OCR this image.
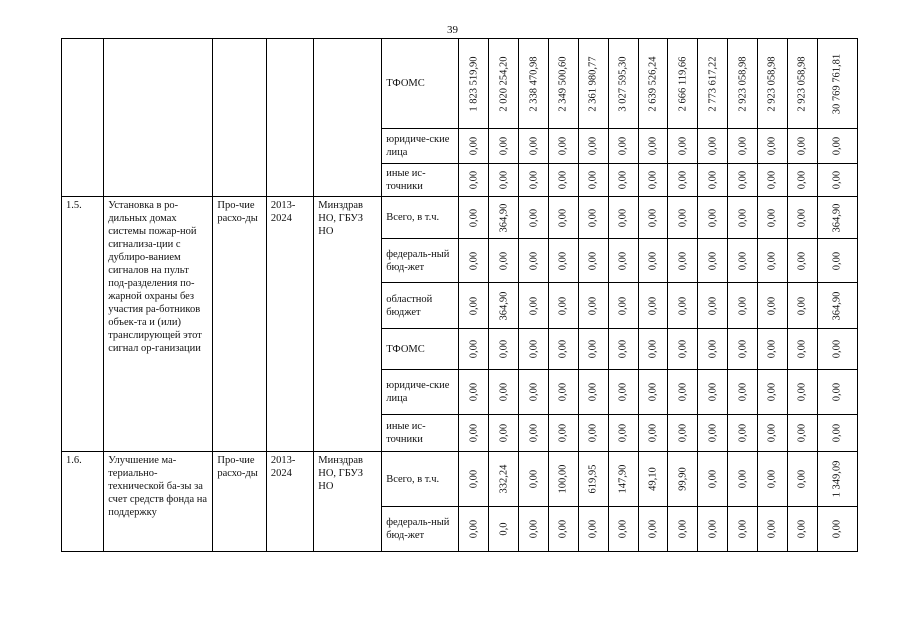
39
					ТФОМС	1 823 519,90	2 020 254,20	2 338 470,98	2 349 500,60	2 361 980,77	3 027 595,30	2 639 526,24	2 666 119,66	2 773 617,22	2 923 058,98	2 923 058,98	2 923 058,98	30 769 761,81

					юридиче-ские лица	0,00	0,00	0,00	0,00	0,00	0,00	0,00	0,00	0,00	0,00	0,00	0,00	0,00

					иные ис-точники	0,00	0,00	0,00	0,00	0,00	0,00	0,00	0,00	0,00	0,00	0,00	0,00	0,00

1.5.	Установка в ро-дильных домах системы пожар-ной сигнализа-ции с дублиро-ванием сигналов на пульт под-разделения по-жарной охраны без участия ра-ботников объек-та и (или) транслирующей этот сигнал ор-ганизации	Про-чие расхо-ды	2013-2024	Минздрав НО, ГБУЗ НО	Всего, в т.ч.	0,00	364,90	0,00	0,00	0,00	0,00	0,00	0,00	0,00	0,00	0,00	0,00	364,90

					федераль-ный бюд-жет	0,00	0,00	0,00	0,00	0,00	0,00	0,00	0,00	0,00	0,00	0,00	0,00	0,00

					областной бюджет	0,00	364,90	0,00	0,00	0,00	0,00	0,00	0,00	0,00	0,00	0,00	0,00	364,90

					ТФОМС	0,00	0,00	0,00	0,00	0,00	0,00	0,00	0,00	0,00	0,00	0,00	0,00	0,00

					юридиче-ские лица	0,00	0,00	0,00	0,00	0,00	0,00	0,00	0,00	0,00	0,00	0,00	0,00	0,00

					иные ис-точники	0,00	0,00	0,00	0,00	0,00	0,00	0,00	0,00	0,00	0,00	0,00	0,00	0,00

1.6.	Улучшение ма-териально-технической ба-зы за счет средств фонда на поддержку	Про-чие расхо-ды	2013-2024	Минздрав НО, ГБУЗ НО	Всего, в т.ч.	0,00	332,24	0,00	100,00	619,95	147,90	49,10	99,90	0,00	0,00	0,00	0,00	1 349,09

					федераль-ный бюд-жет	0,00	0,0	0,00	0,00	0,00	0,00	0,00	0,00	0,00	0,00	0,00	0,00	0,00
